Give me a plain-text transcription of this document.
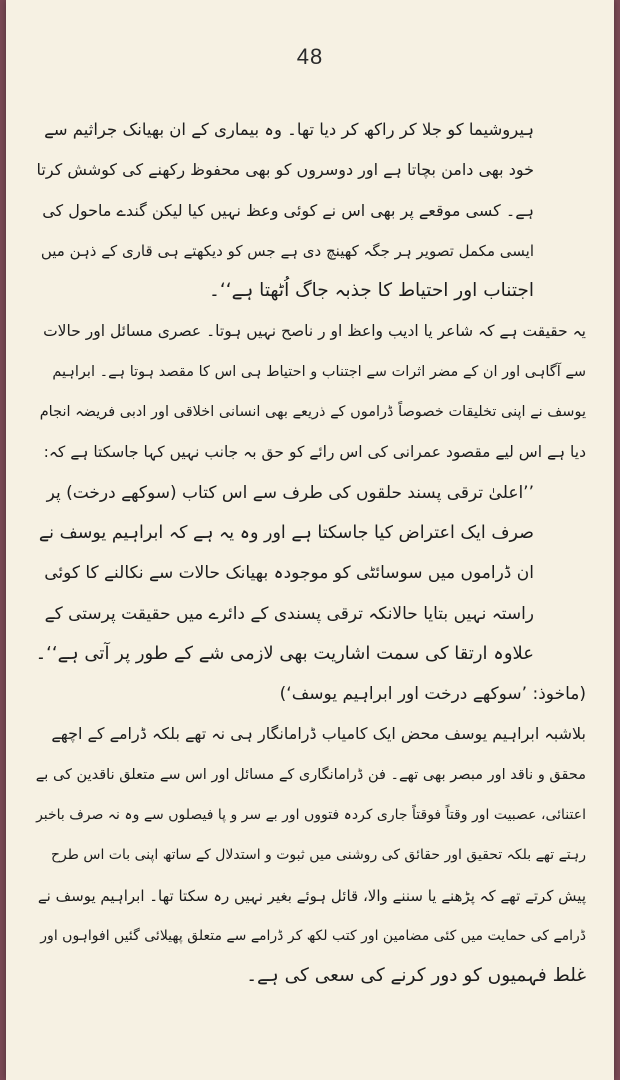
48
ہیروشیما کو جلا کر راکھ کر دیا تھا۔ وہ بیماری کے ان بھیانک جراثیم سے
خود بھی دامن بچاتا ہے اور دوسروں کو بھی محفوظ رکھنے کی کوشش کرتا
ہے۔ کسی موقعے پر بھی اس نے کوئی وعظ نہیں کیا لیکن گندے ماحول کی
ایسی مکمل تصویر ہر جگہ کھینچ دی ہے جس کو دیکھتے ہی قاری کے ذہن میں
اجتناب اور احتیاط کا جذبہ جاگ اُٹھتا ہے‘‘۔
یہ حقیقت ہے کہ شاعر یا ادیب واعظ او ر ناصح نہیں ہوتا۔ عصری مسائل اور حالات
سے آگاہی اور ان کے مضر اثرات سے اجتناب و احتیاط ہی اس کا مقصد ہوتا ہے۔ ابراہیم
یوسف نے اپنی تخلیقات خصوصاً ڈراموں کے ذریعے بھی انسانی اخلاقی اور ادبی فریضہ انجام
دیا ہے اس لیے مقصود عمرانی کی اس رائے کو حق بہ جانب نہیں کہا جاسکتا ہے کہ:
’’اعلیٰ ترقی پسند حلقوں کی طرف سے اس کتاب (سوکھے درخت) پر
صرف ایک اعتراض کیا جاسکتا ہے اور وہ یہ ہے کہ ابراہیم یوسف نے
ان ڈراموں میں سوسائٹی کو موجودہ بھیانک حالات سے نکالنے کا کوئی
راستہ نہیں بتایا حالانکہ ترقی پسندی کے دائرے میں حقیقت پرستی کے
علاوہ ارتقا کی سمت اشاریت بھی لازمی شے کے طور پر آتی ہے‘‘۔
(ماخوذ: ’سوکھے درخت اور ابراہیم یوسف‘)
بلاشبہ ابراہیم یوسف محض ایک کامیاب ڈرامانگار ہی نہ تھے بلکہ ڈرامے کے اچھے
محقق و ناقد اور مبصر بھی تھے۔ فن ڈرامانگاری کے مسائل اور اس سے متعلق ناقدین کی بے
اعتنائی، عصبیت اور وقتاً فوقتاً جاری کردہ فتووں اور بے سر و پا فیصلوں سے وہ نہ صرف باخبر
رہتے تھے بلکہ تحقیق اور حقائق کی روشنی میں ثبوت و استدلال کے ساتھ اپنی بات اس طرح
پیش کرتے تھے کہ پڑھنے یا سننے والا، قائل ہوئے بغیر نہیں رہ سکتا تھا۔ ابراہیم یوسف نے
ڈرامے کی حمایت میں کئی مضامین اور کتب لکھ کر ڈرامے سے متعلق پھیلائی گئیں افواہوں اور
غلط فہمیوں کو دور کرنے کی سعی کی ہے۔
